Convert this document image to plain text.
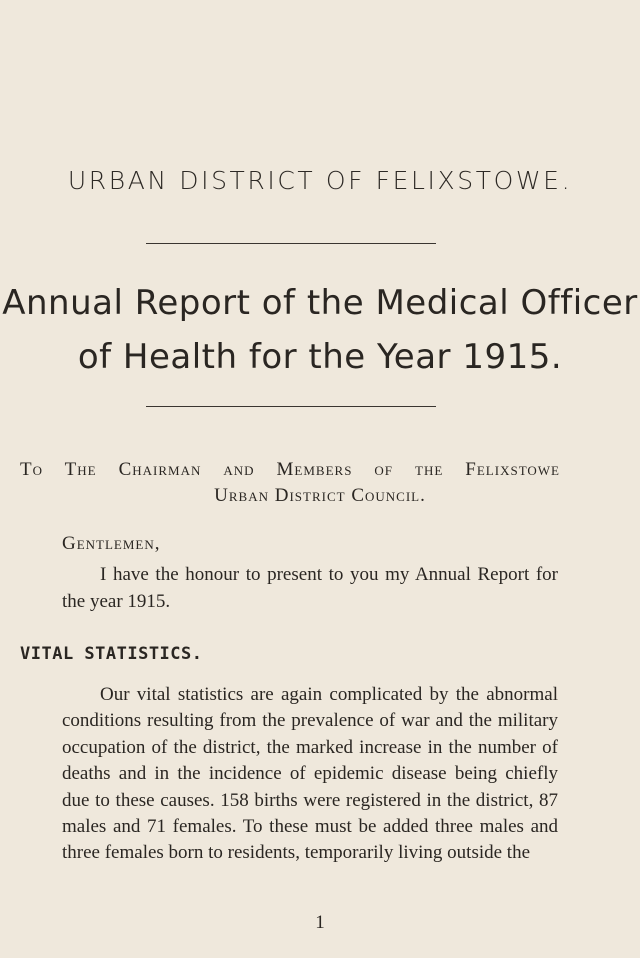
URBAN DISTRICT OF FELIXSTOWE.
Annual Report of the Medical Officer
of Health for the Year 1915.
To The Chairman and Members of the Felixstowe
Urban District Council.
Gentlemen,
I have the honour to present to you my Annual Report for the year 1915.
VITAL STATISTICS.
Our vital statistics are again complicated by the abnormal conditions resulting from the prevalence of war and the military occupation of the district, the marked increase in the number of deaths and in the incidence of epidemic disease being chiefly due to these causes. 158 births were registered in the district, 87 males and 71 females. To these must be added three males and three females born to residents, temporarily living outside the
1
